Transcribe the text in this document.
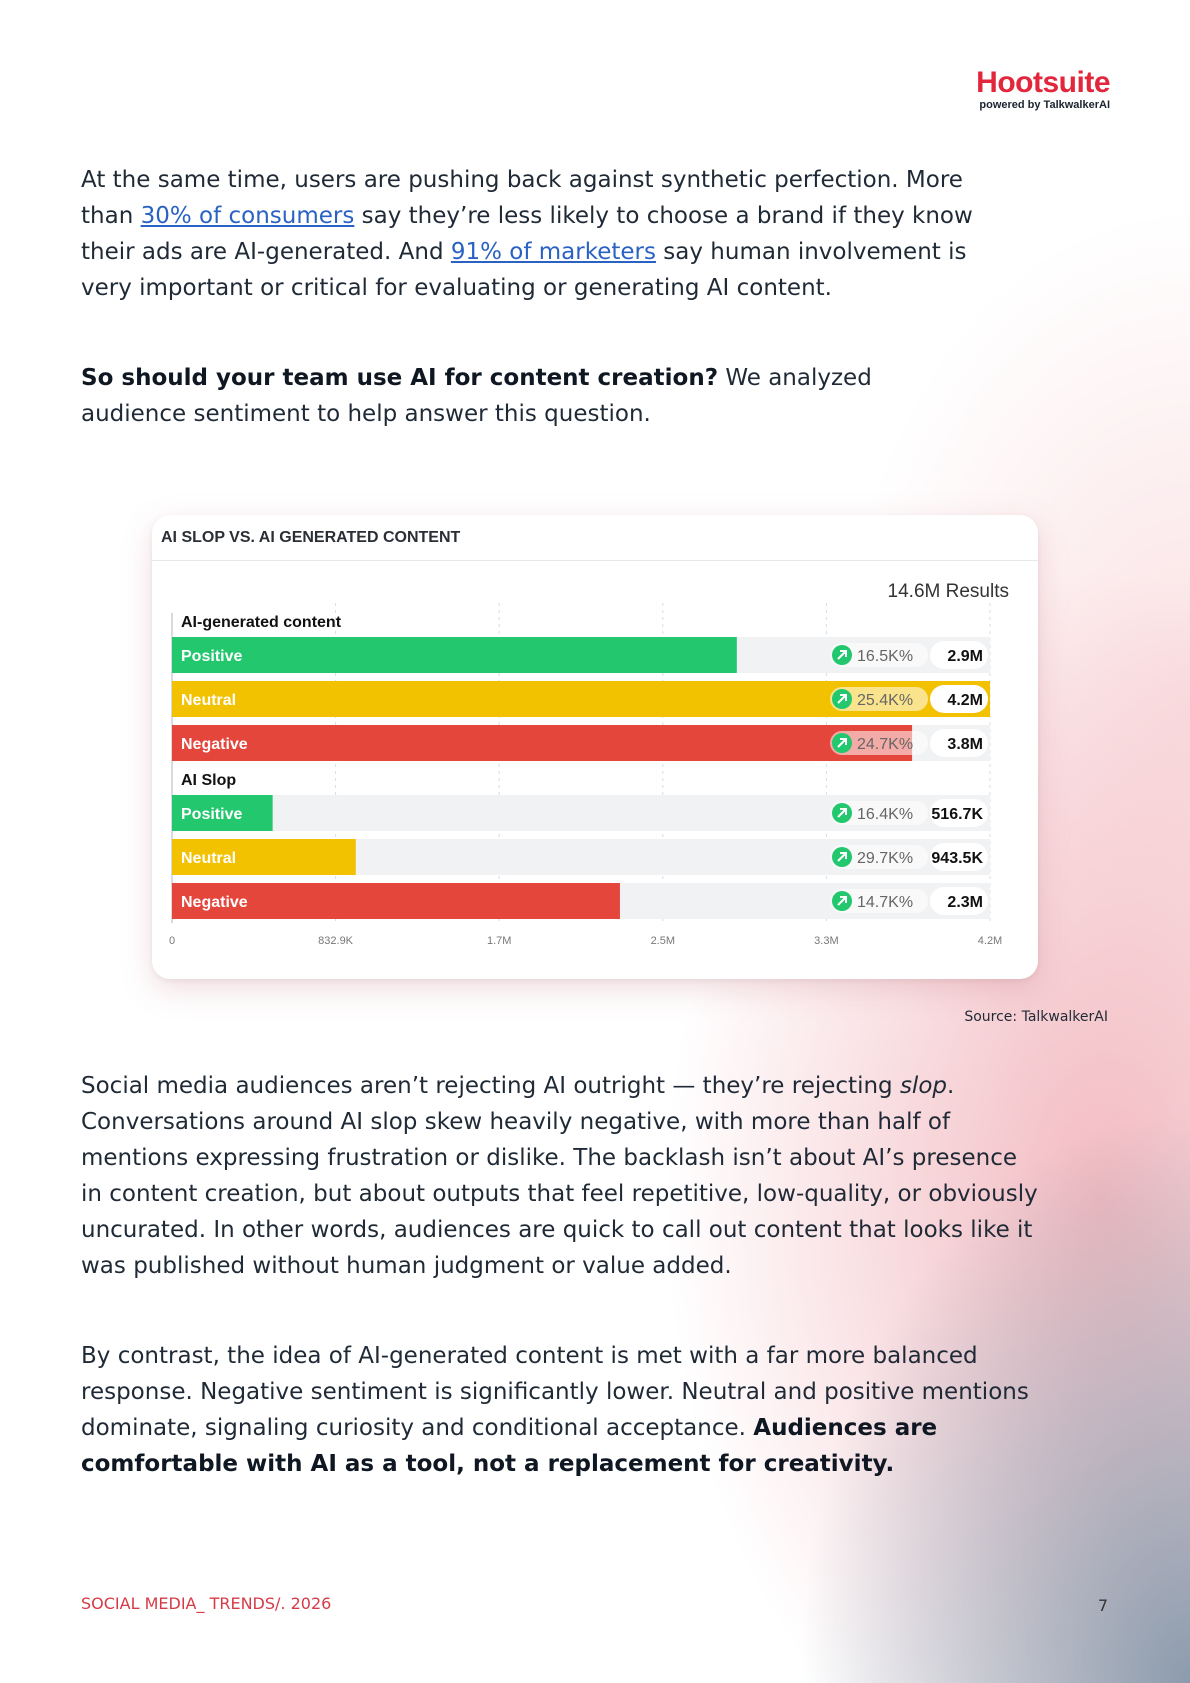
Hootsuite
powered by TalkwalkerAI

At the same time, users are pushing back against synthetic perfection. More than 30% of consumers say they’re less likely to choose a brand if they know their ads are AI-generated. And 91% of marketers say human involvement is very important or critical for evaluating or generating AI content.

So should your team use AI for content creation? We analyzed audience sentiment to help answer this question.

AI SLOP VS. AI GENERATED CONTENT
14.6M Results
0	832.9K	1.7M	2.5M	3.3M	4.2M
AI-generated content
Positive	16.5K% 2.9M
Neutral	25.4K% 4.2M
Negative	24.7K% 3.8M
AI Slop
Positive	16.4K% 516.7K
Neutral	29.7K% 943.5K
Negative	14.7K% 2.3M
Source: TalkwalkerAI

Social media audiences aren’t rejecting AI outright — they’re rejecting slop. Conversations around AI slop skew heavily negative, with more than half of mentions expressing frustration or dislike. The backlash isn’t about AI’s presence in content creation, but about outputs that feel repetitive, low-quality, or obviously uncurated. In other words, audiences are quick to call out content that looks like it was published without human judgment or value added.

By contrast, the idea of AI-generated content is met with a far more balanced response. Negative sentiment is significantly lower. Neutral and positive mentions dominate, signaling curiosity and conditional acceptance. Audiences are comfortable with AI as a tool, not a replacement for creativity.

SOCIAL MEDIA_ TRENDS/. 2026	7
